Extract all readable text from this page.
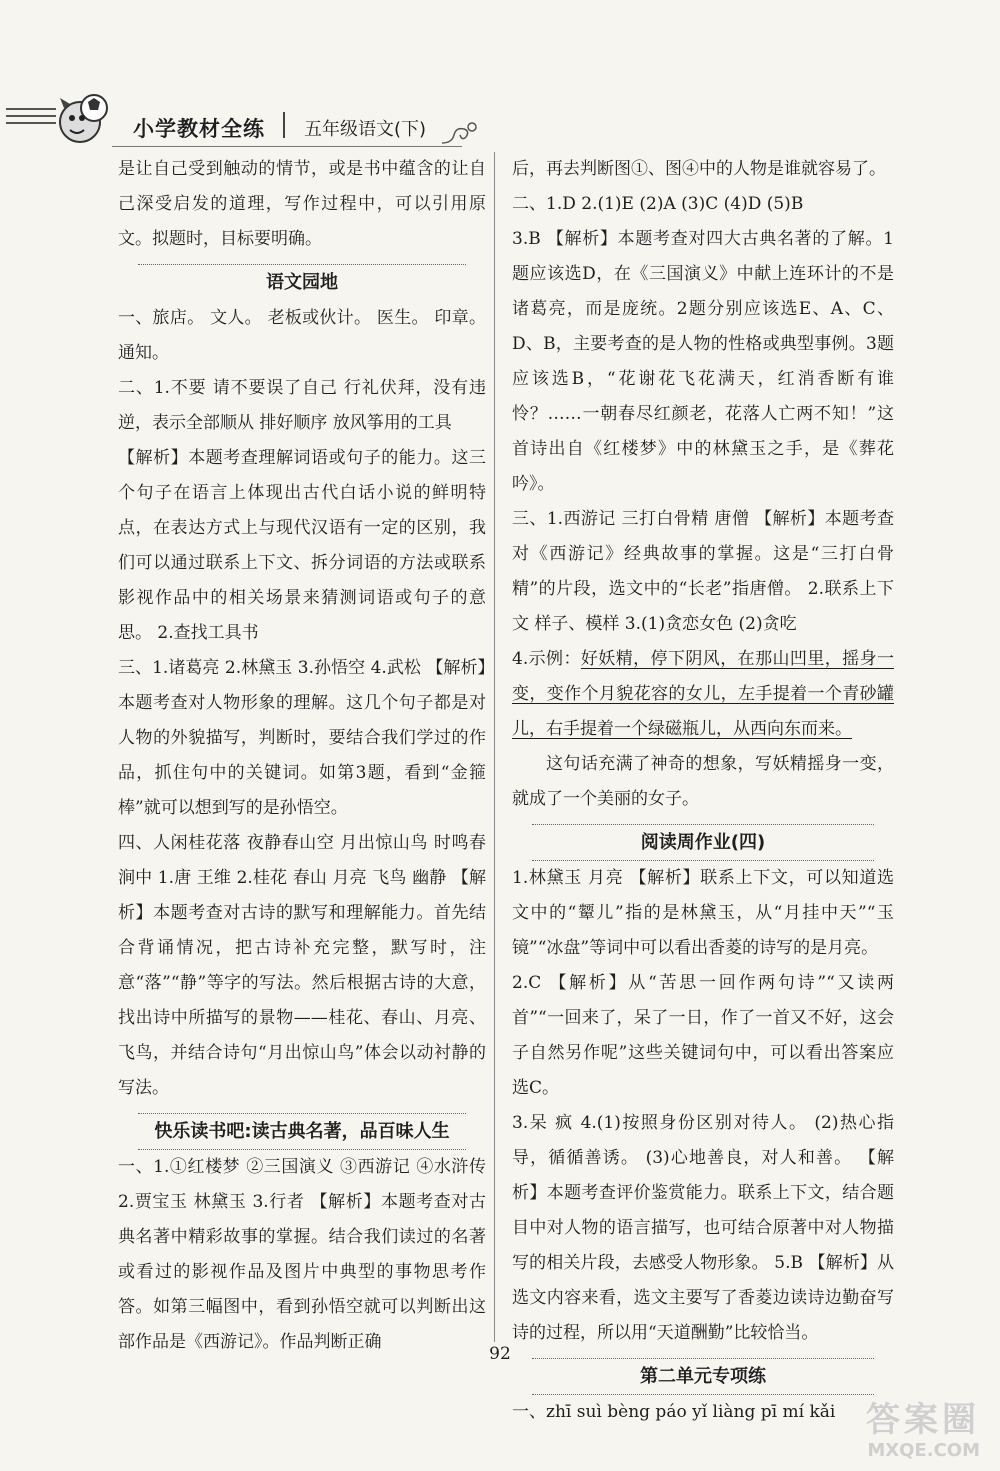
小学教材全练 五年级语文(下)

是让自己受到触动的情节，或是书中蕴含的让自己深受启发的道理，写作过程中，可以引用原文。拟题时，目标要明确。

语文园地

一、旅店。 文人。 老板或伙计。 医生。 印章。 通知。

二、1.不要 请不要误了自己 行礼伏拜，没有违逆，表示全部顺从 排好顺序 放风筝用的工具

【解析】本题考查理解词语或句子的能力。这三个句子在语言上体现出古代白话小说的鲜明特点，在表达方式上与现代汉语有一定的区别，我们可以通过联系上下文、拆分词语的方法或联系影视作品中的相关场景来猜测词语或句子的意思。 2.查找工具书

三、1.诸葛亮 2.林黛玉 3.孙悟空 4.武松 【解析】本题考查对人物形象的理解。这几个句子都是对人物的外貌描写，判断时，要结合我们学过的作品，抓住句中的关键词。如第3题，看到“金箍棒”就可以想到写的是孙悟空。

四、人闲桂花落 夜静春山空 月出惊山鸟 时鸣春涧中 1.唐 王维 2.桂花 春山 月亮 飞鸟 幽静 【解析】本题考查对古诗的默写和理解能力。首先结合背诵情况，把古诗补充完整，默写时，注意“落”“静”等字的写法。然后根据古诗的大意，找出诗中所描写的景物——桂花、春山、月亮、飞鸟，并结合诗句“月出惊山鸟”体会以动衬静的写法。

快乐读书吧:读古典名著，品百味人生

一、1.①红楼梦 ②三国演义 ③西游记 ④水浒传 2.贾宝玉 林黛玉 3.行者 【解析】本题考查对古典名著中精彩故事的掌握。结合我们读过的名著或看过的影视作品及图片中典型的事物思考作答。如第三幅图中，看到孙悟空就可以判断出这部作品是《西游记》。作品判断正确

后，再去判断图①、图④中的人物是谁就容易了。

二、1.D 2.(1)E (2)A (3)C (4)D (5)B

3.B 【解析】本题考查对四大古典名著的了解。1题应该选D，在《三国演义》中献上连环计的不是诸葛亮，而是庞统。2题分别应该选E、A、C、D、B，主要考查的是人物的性格或典型事例。3题应该选B，“花谢花飞花满天，红消香断有谁怜？……一朝春尽红颜老，花落人亡两不知！”这首诗出自《红楼梦》中的林黛玉之手，是《葬花吟》。

三、1.西游记 三打白骨精 唐僧 【解析】本题考查对《西游记》经典故事的掌握。这是“三打白骨精”的片段，选文中的“长老”指唐僧。 2.联系上下文 样子、模样 3.(1)贪恋女色 (2)贪吃

4.示例：好妖精，停下阴风，在那山凹里，摇身一变，变作个月貌花容的女儿，左手提着一个青砂罐儿，右手提着一个绿磁瓶儿，从西向东而来。

这句话充满了神奇的想象，写妖精摇身一变，就成了一个美丽的女子。

阅读周作业(四)

1.林黛玉 月亮 【解析】联系上下文，可以知道选文中的“颦儿”指的是林黛玉，从“月挂中天”“玉镜”“冰盘”等词中可以看出香菱的诗写的是月亮。

2.C 【解析】从“苦思一回作两句诗”“又读两首”“一回来了，呆了一日，作了一首又不好，这会子自然另作呢”这些关键词句中，可以看出答案应选C。

3.呆 疯 4.(1)按照身份区别对待人。 (2)热心指导，循循善诱。 (3)心地善良，对人和善。 【解析】本题考查评价鉴赏能力。联系上下文，结合题目中对人物的语言描写，也可结合原著中对人物描写的相关片段，去感受人物形象。 5.B 【解析】从选文内容来看，选文主要写了香菱边读诗边勤奋写诗的过程，所以用“天道酬勤”比较恰当。

第二单元专项练

一、zhī suì bèng páo yǐ liàng pī mí kǎi

92
答案圈
MXQE.COM
